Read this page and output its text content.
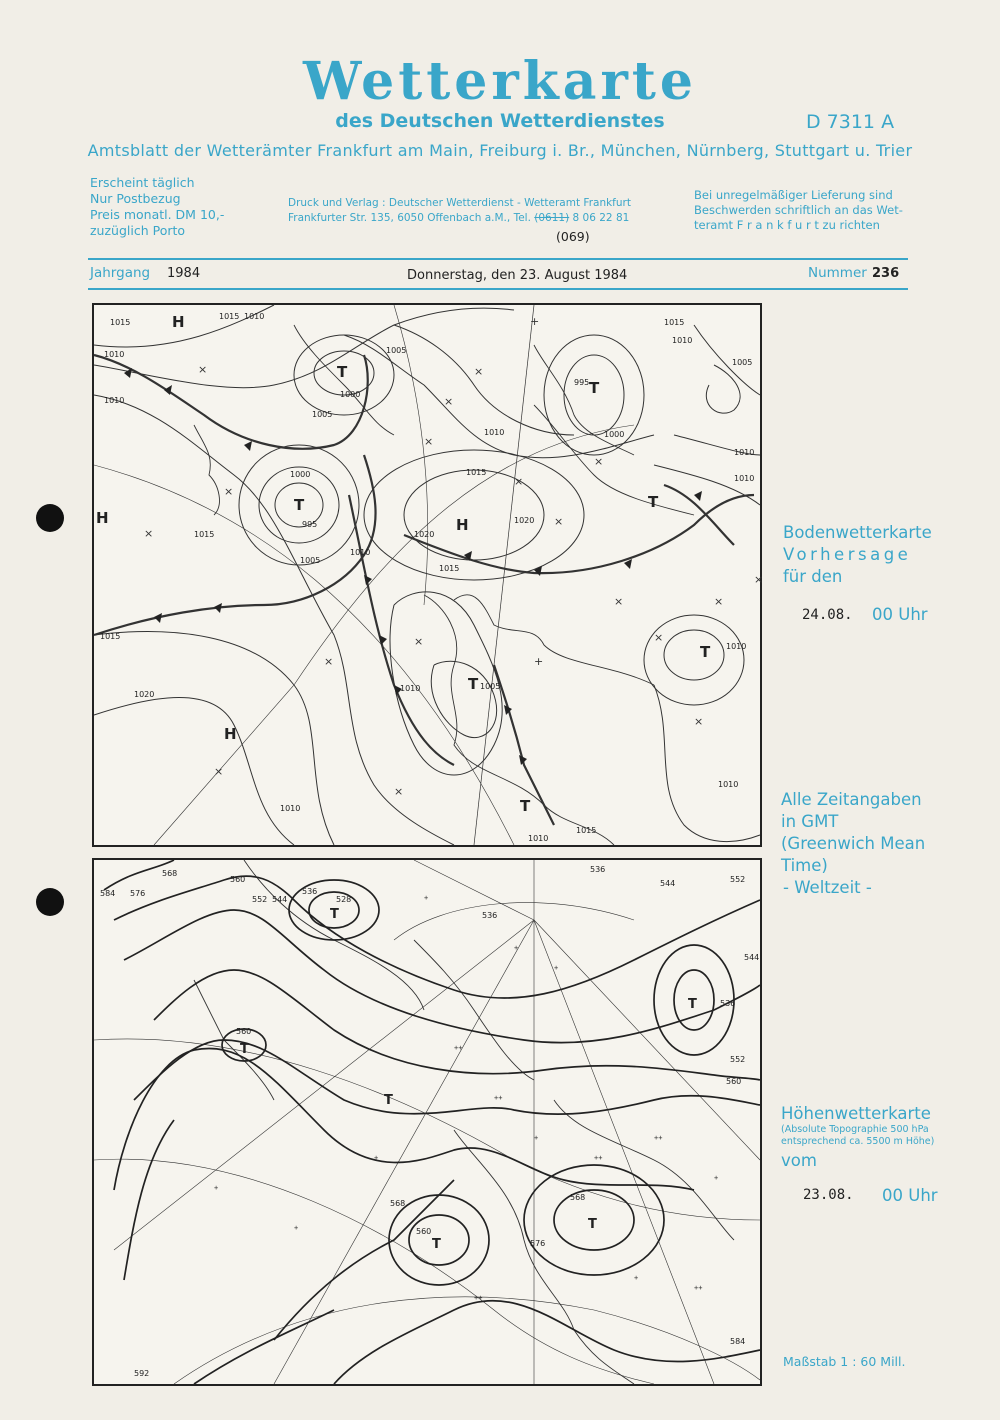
Wetterkarte
des Deutschen Wetterdienstes	D 7311 A
Amtsblatt der Wetterämter Frankfurt am Main, Freiburg i. Br., München, Nürnberg, Stuttgart u. Trier
Erscheint täglich
Nur Postbezug
Preis monatl. DM 10,-
zuzüglich Porto
Druck und Verlag : Deutscher Wetterdienst - Wetteramt Frankfurt
Frankfurter Str. 135, 6050 Offenbach a.M., Tel. (0611) 8 06 22 81
(069)
Bei unregelmäßiger Lieferung sind
Beschwerden schriftlich an das Wet-
teramt F r a n k f u r t zu richten
Jahrgang 1984	Donnerstag, den 23. August 1984	Nummer 236
1015
1015 1010
1010
1010
1005
1000
1005
995
1000
1000
1005
1005
1010
1015
1015
1010
1020
1015
1020
1010
1015
1005
1010
1020
1015
1010
1015
1010
1010
1010
995
1010
1010
H
T
T
H
T
H
T
T
T
T
H
×
×
×
×
×
×
×
×
×
×
+
×
×	×
×
×
×
×
×
+
Bodenwetterkarte
Vorhersage
für den
24.08. 00 Uhr
Alle Zeitangaben
in GMT
(Greenwich Mean
Time)
- Weltzeit -
584 576
568
560
552 544
536
528
536
536
544	552
544
536
552
560
560
568
560
576
568
584
592
T
T
T
T
T
T
+
+
+
++
++
+
++
++
+
+
+
++
+
++
+
Höhenwetterkarte
(Absolute Topographie 500 hPa
entsprechend ca. 5500 m Höhe)
vom
23.08. 00 Uhr
Maßstab 1 : 60 Mill.
